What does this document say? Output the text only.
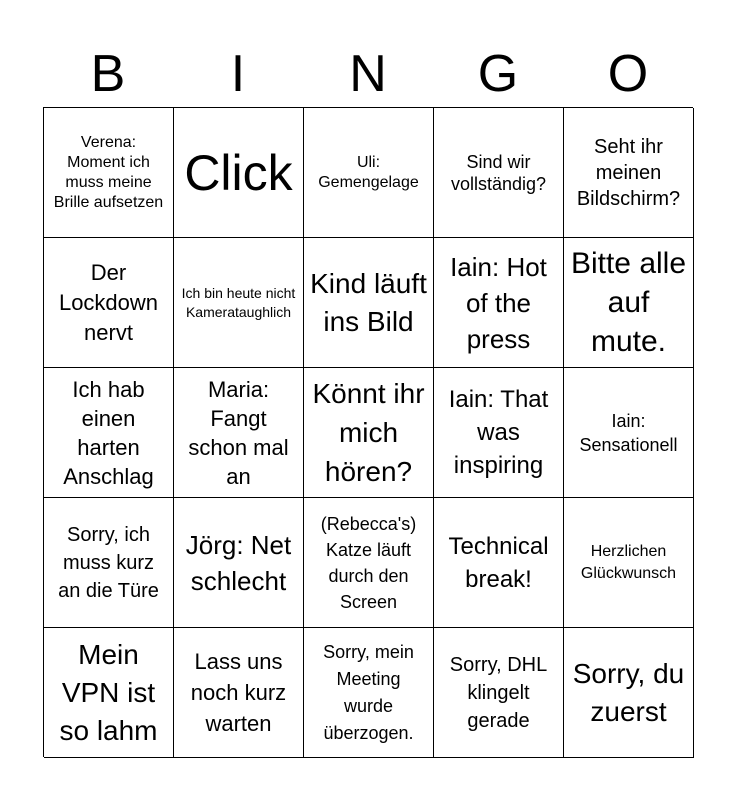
B	I	N	G	O
Verena: Moment ich muss meine Brille aufsetzen
Click	Uli: Gemengelage
Sind wir vollständig?
Seht ihr meinen Bildschirm?
Der Lockdown nervt
Ich bin heute nicht Kamerataughlich
Kind läuft ins Bild
Iain: Hot of the press
Bitte alle auf mute.
Ich hab einen harten Anschlag
Maria: Fangt schon mal an
Könnt ihr mich hören?
Iain: That was inspiring
Iain: Sensationell
Sorry, ich muss kurz an die Türe
Jörg: Net schlecht
(Rebecca's) Katze läuft durch den Screen
Technical break!
Herzlichen Glückwunsch
Mein VPN ist so lahm
Lass uns noch kurz warten
Sorry, mein Meeting wurde überzogen.
Sorry, DHL klingelt gerade
Sorry, du zuerst
